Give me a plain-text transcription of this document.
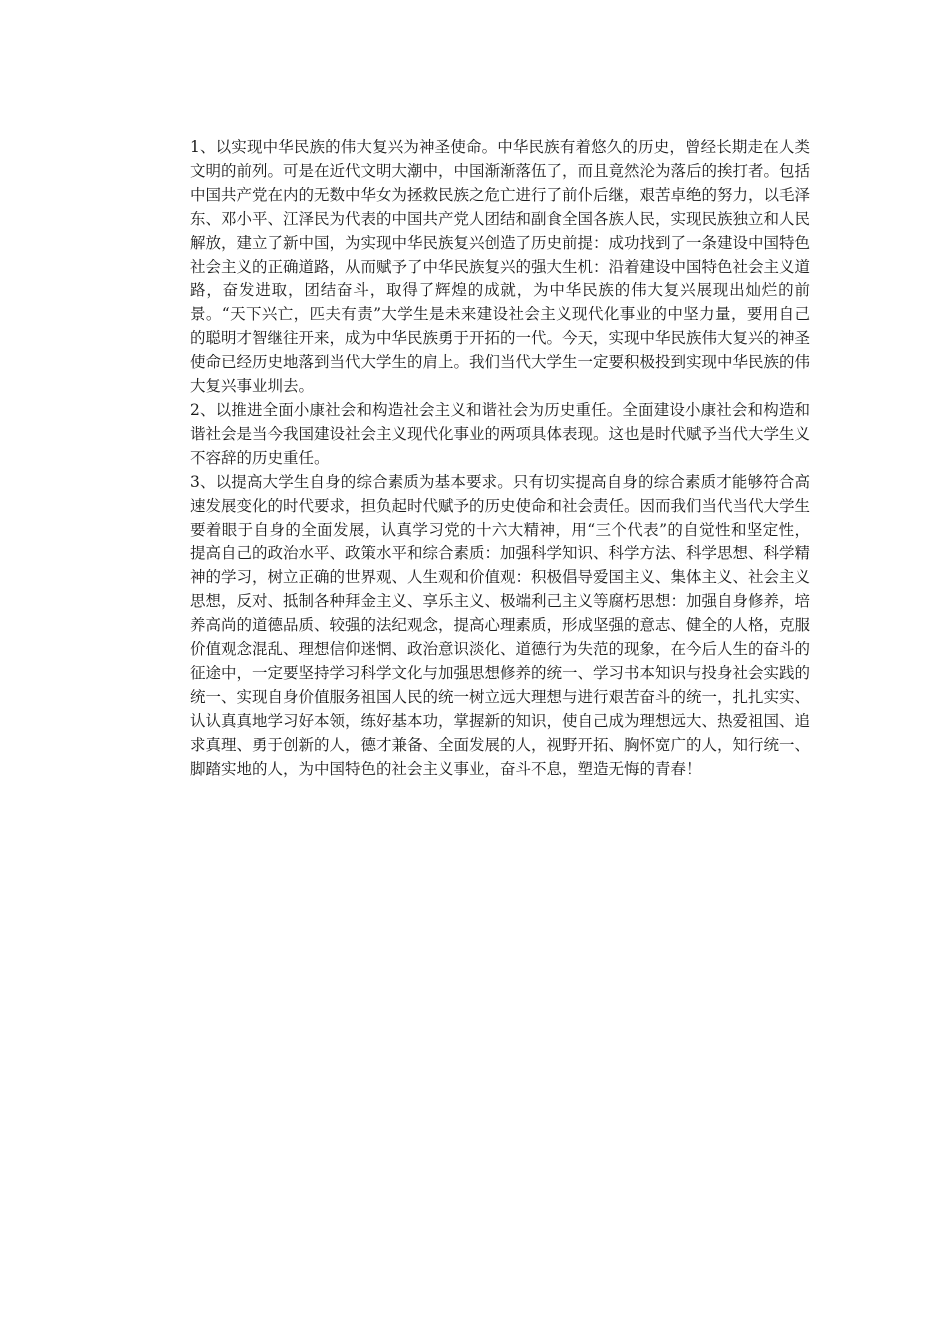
1、以实现中华民族的伟大复兴为神圣使命。中华民族有着悠久的历史，曾经长期走在人类文明的前列。可是在近代文明大潮中，中国渐渐落伍了，而且竟然沦为落后的挨打者。包括中国共产党在内的无数中华女为拯救民族之危亡进行了前仆后继，艰苦卓绝的努力，以毛泽东、邓小平、江泽民为代表的中国共产党人团结和副食全国各族人民，实现民族独立和人民解放，建立了新中国，为实现中华民族复兴创造了历史前提：成功找到了一条建设中国特色社会主义的正确道路，从而赋予了中华民族复兴的强大生机：沿着建设中国特色社会主义道路，奋发进取，团结奋斗，取得了辉煌的成就，为中华民族的伟大复兴展现出灿烂的前景。“天下兴亡，匹夫有责”大学生是未来建设社会主义现代化事业的中坚力量，要用自己的聪明才智继往开来，成为中华民族勇于开拓的一代。今天，实现中华民族伟大复兴的神圣使命已经历史地落到当代大学生的肩上。我们当代大学生一定要积极投到实现中华民族的伟大复兴事业圳去。

2、以推进全面小康社会和构造社会主义和谐社会为历史重任。全面建设小康社会和构造和谐社会是当今我国建设社会主义现代化事业的两项具体表现。这也是时代赋予当代大学生义不容辞的历史重任。

3、以提高大学生自身的综合素质为基本要求。只有切实提高自身的综合素质才能够符合高速发展变化的时代要求，担负起时代赋予的历史使命和社会责任。因而我们当代当代大学生要着眼于自身的全面发展，认真学习党的十六大精神，用“三个代表”的自觉性和坚定性，提高自己的政治水平、政策水平和综合素质：加强科学知识、科学方法、科学思想、科学精神的学习，树立正确的世界观、人生观和价值观：积极倡导爱国主义、集体主义、社会主义思想，反对、抵制各种拜金主义、享乐主义、极端利己主义等腐朽思想：加强自身修养，培养高尚的道德品质、较强的法纪观念，提高心理素质，形成坚强的意志、健全的人格，克服价值观念混乱、理想信仰迷惘、政治意识淡化、道德行为失范的现象，在今后人生的奋斗的征途中，一定要坚持学习科学文化与加强思想修养的统一、学习书本知识与投身社会实践的统一、实现自身价值服务祖国人民的统一树立远大理想与进行艰苦奋斗的统一，扎扎实实、认认真真地学习好本领，练好基本功，掌握新的知识，使自己成为理想远大、热爱祖国、追求真理、勇于创新的人，德才兼备、全面发展的人，视野开拓、胸怀宽广的人，知行统一、脚踏实地的人，为中国特色的社会主义事业，奋斗不息，塑造无悔的青春！
